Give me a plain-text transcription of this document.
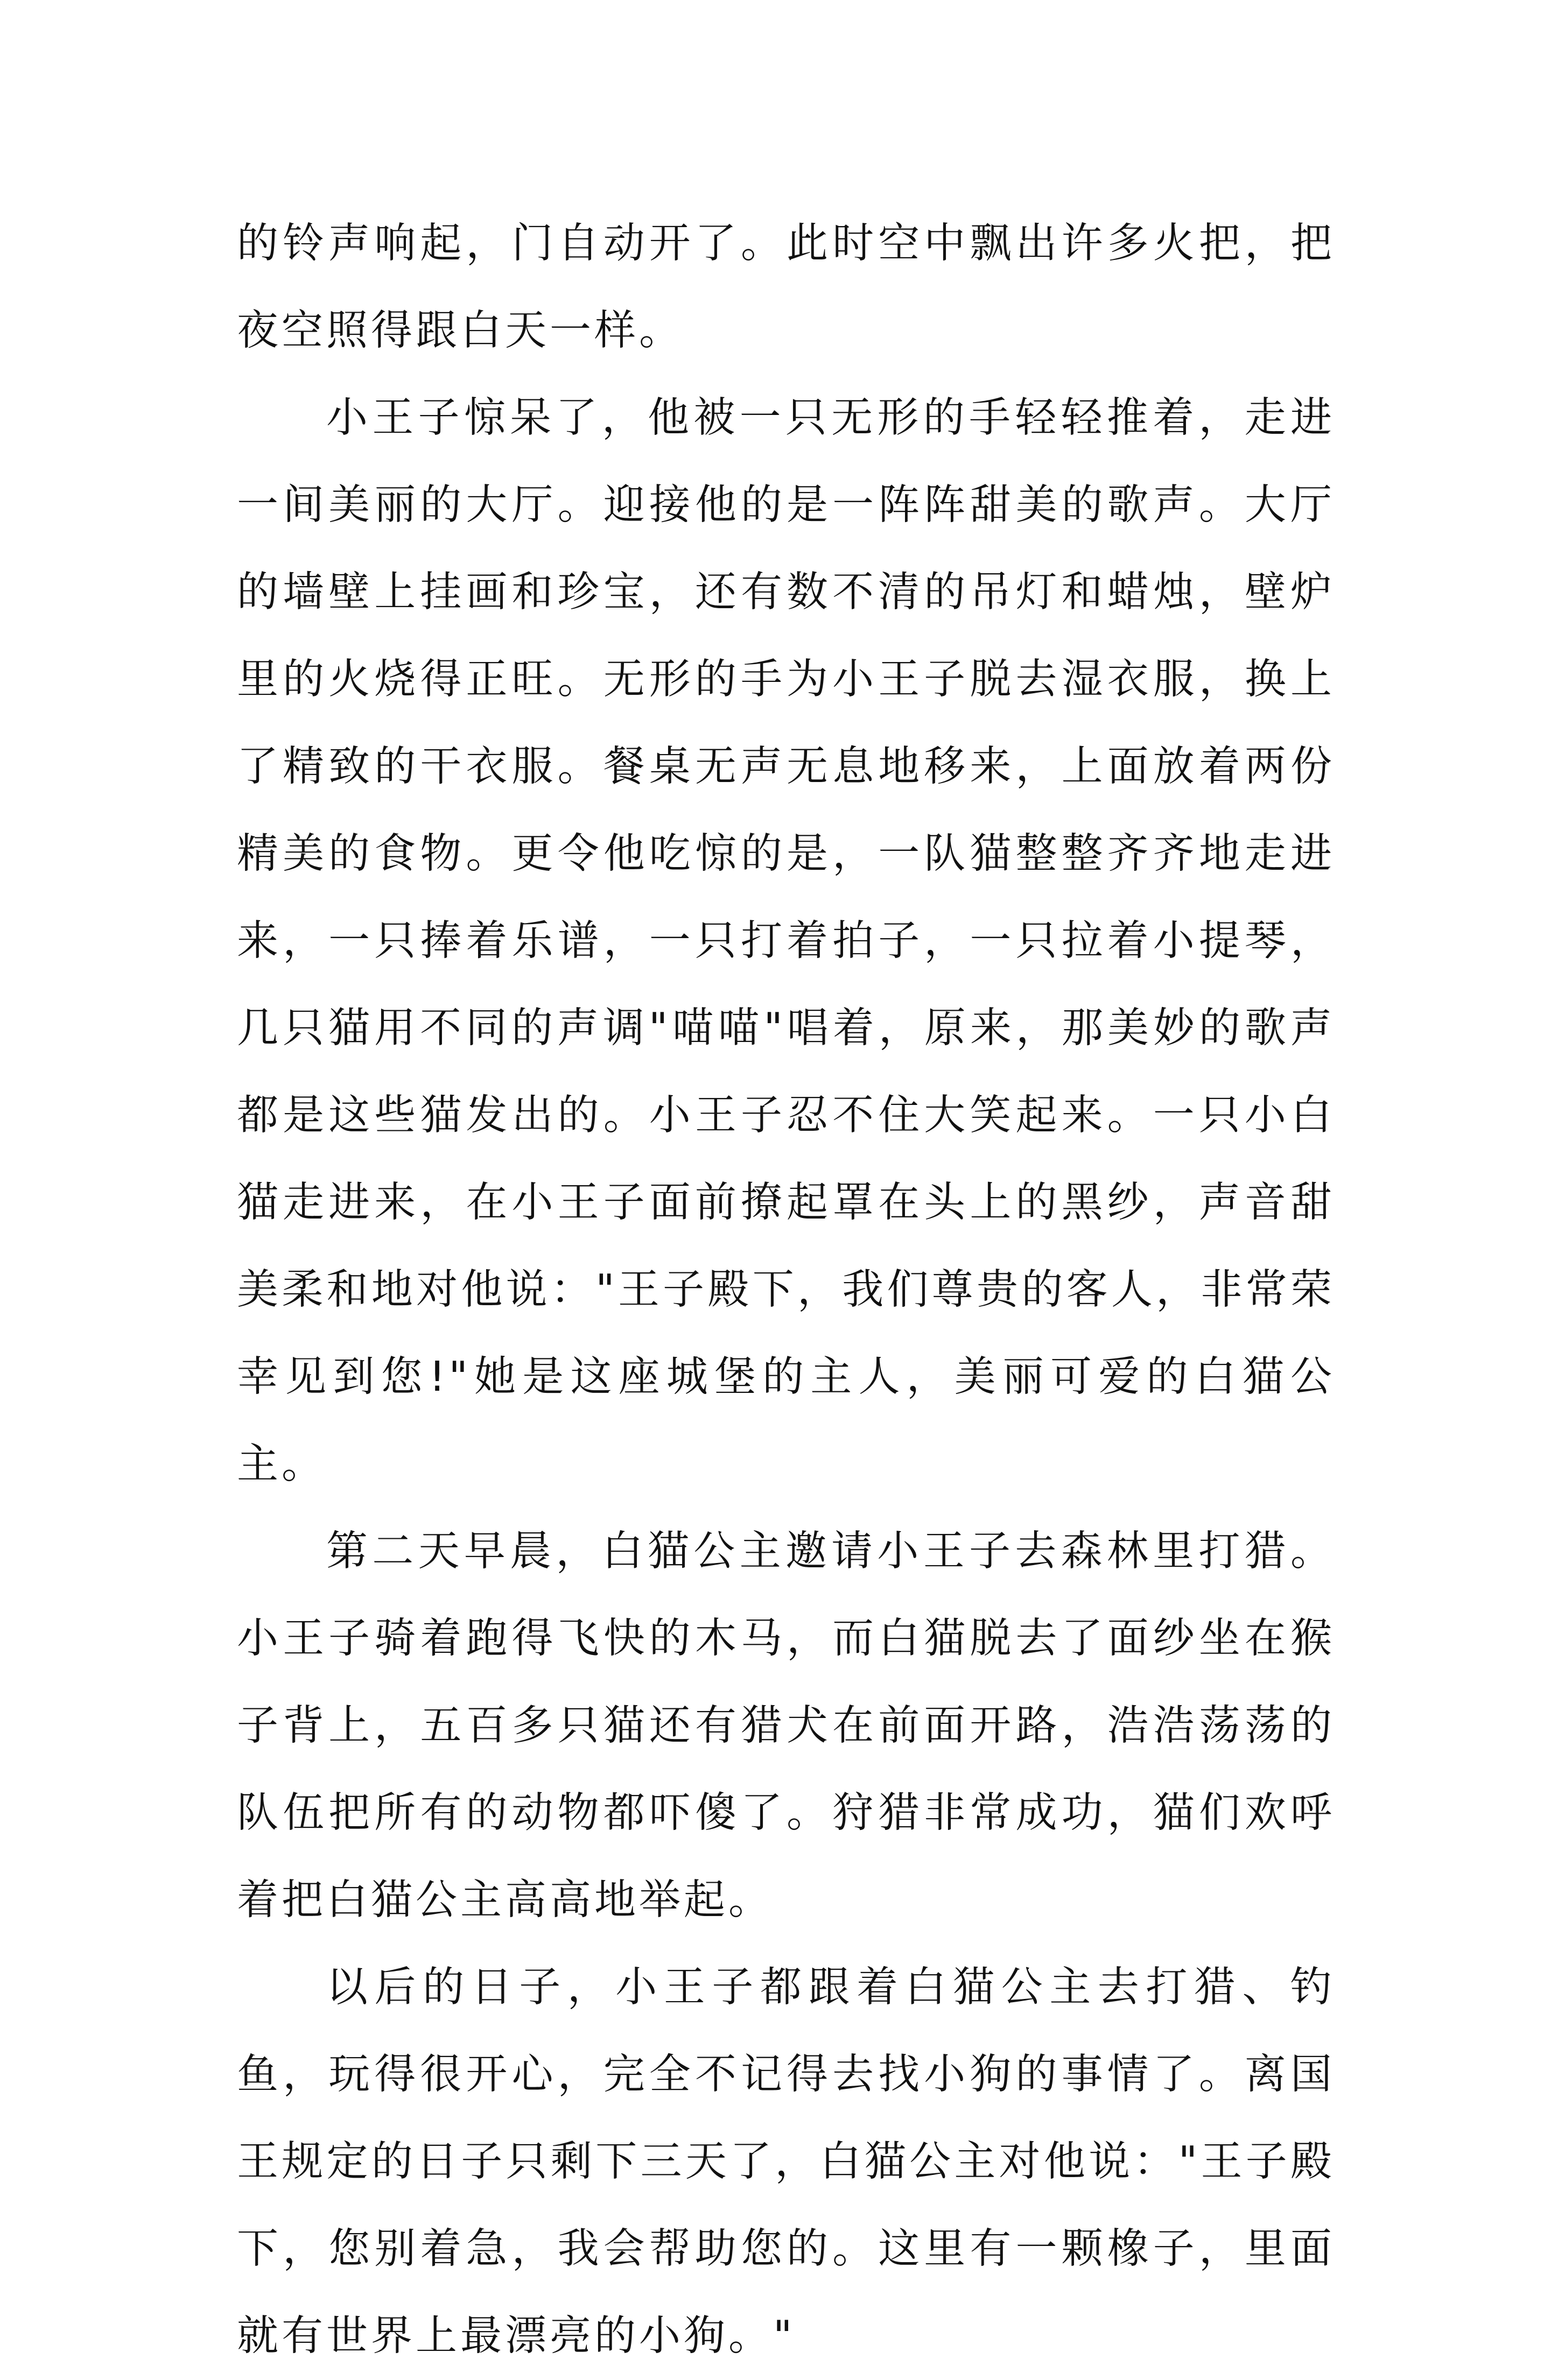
的铃声响起，门自动开了。此时空中飘出许多火把，把夜空照得跟白天一样。

小王子惊呆了，他被一只无形的手轻轻推着，走进一间美丽的大厅。迎接他的是一阵阵甜美的歌声。大厅的墙壁上挂画和珍宝，还有数不清的吊灯和蜡烛，壁炉里的火烧得正旺。无形的手为小王子脱去湿衣服，换上了精致的干衣服。餐桌无声无息地移来，上面放着两份精美的食物。更令他吃惊的是，一队猫整整齐齐地走进来，一只捧着乐谱，一只打着拍子，一只拉着小提琴，几只猫用不同的声调"喵喵"唱着，原来，那美妙的歌声都是这些猫发出的。小王子忍不住大笑起来。一只小白猫走进来，在小王子面前撩起罩在头上的黑纱，声音甜美柔和地对他说："王子殿下，我们尊贵的客人，非常荣幸见到您!"她是这座城堡的主人，美丽可爱的白猫公主。

第二天早晨，白猫公主邀请小王子去森林里打猎。小王子骑着跑得飞快的木马，而白猫脱去了面纱坐在猴子背上，五百多只猫还有猎犬在前面开路，浩浩荡荡的队伍把所有的动物都吓傻了。狩猎非常成功，猫们欢呼着把白猫公主高高地举起。

以后的日子，小王子都跟着白猫公主去打猎、钓鱼，玩得很开心，完全不记得去找小狗的事情了。离国王规定的日子只剩下三天了，白猫公主对他说："王子殿下，您别着急，我会帮助您的。这里有一颗橡子，里面就有世界上最漂亮的小狗。"
